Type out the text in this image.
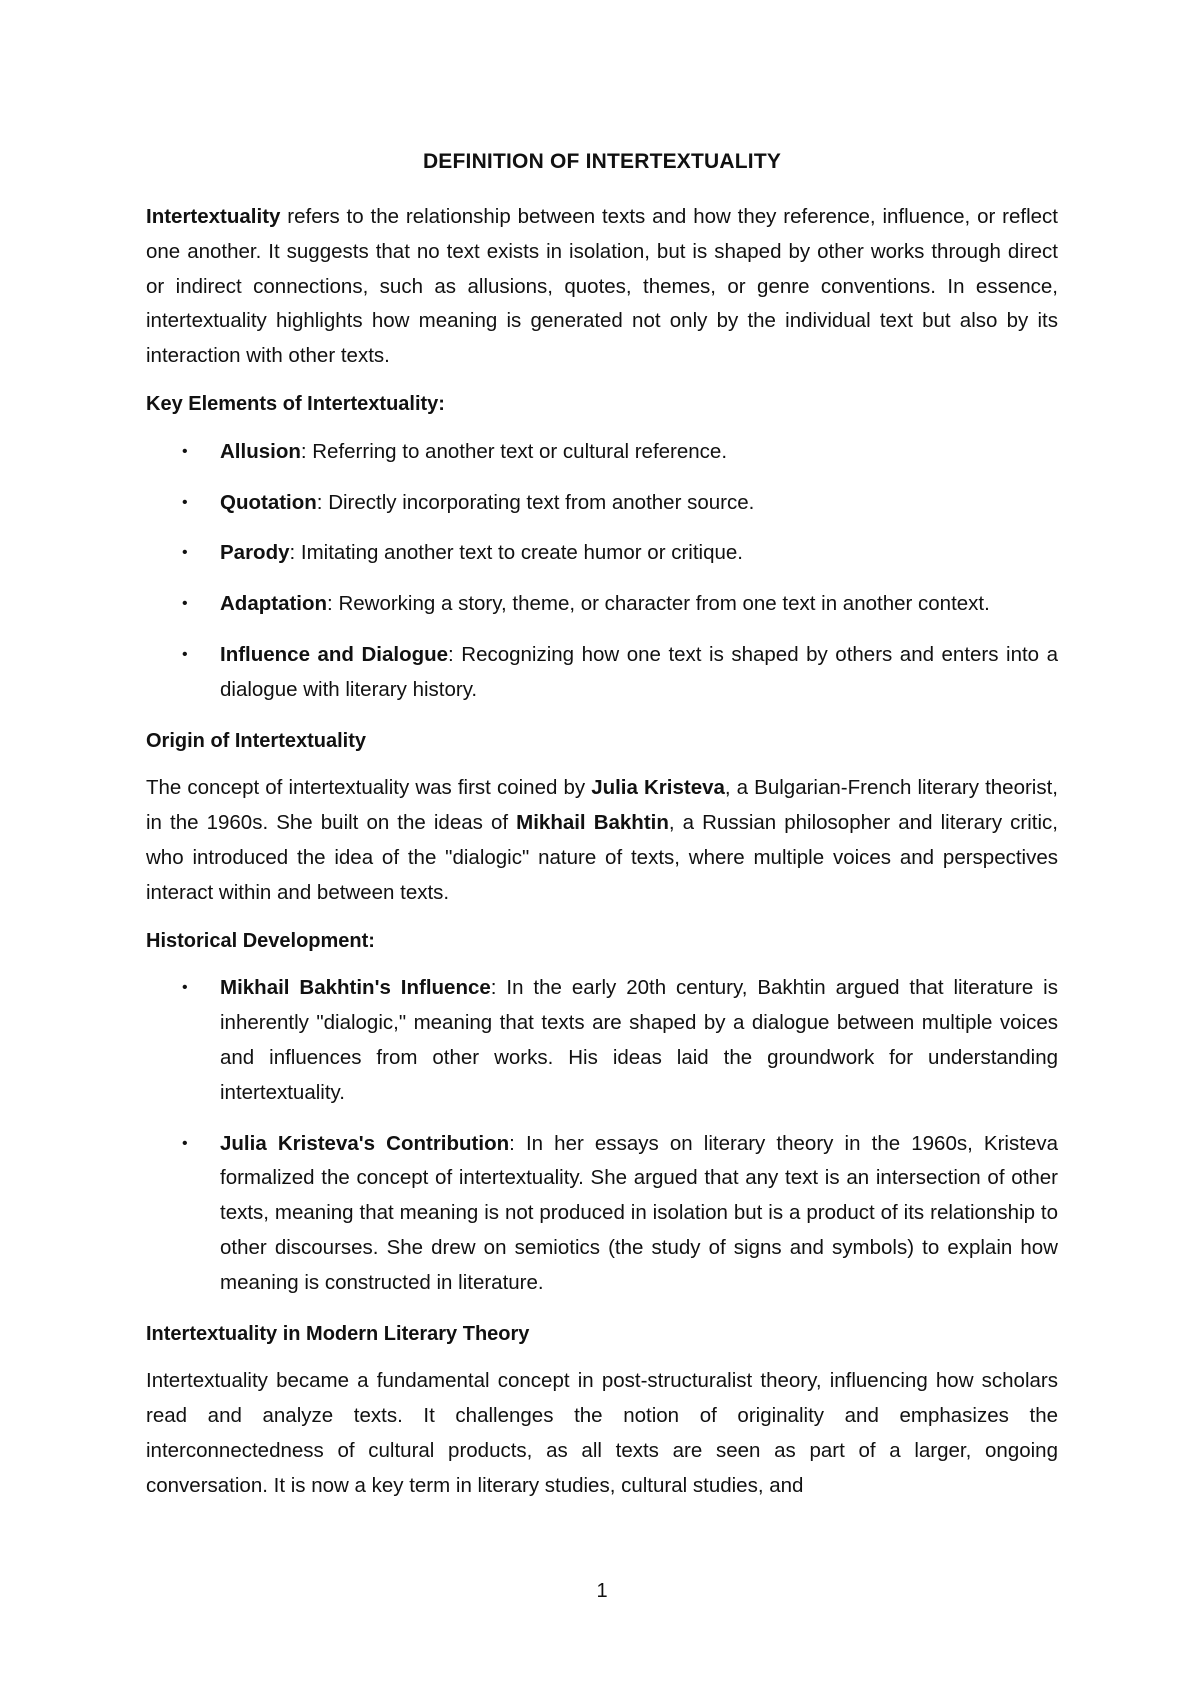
DEFINITION OF INTERTEXTUALITY

Intertextuality refers to the relationship between texts and how they reference, influence, or reflect one another. It suggests that no text exists in isolation, but is shaped by other works through direct or indirect connections, such as allusions, quotes, themes, or genre conventions. In essence, intertextuality highlights how meaning is generated not only by the individual text but also by its interaction with other texts.

Key Elements of Intertextuality:

• Allusion: Referring to another text or cultural reference.
• Quotation: Directly incorporating text from another source.
• Parody: Imitating another text to create humor or critique.
• Adaptation: Reworking a story, theme, or character from one text in another context.
• Influence and Dialogue: Recognizing how one text is shaped by others and enters into a dialogue with literary history.

Origin of Intertextuality

The concept of intertextuality was first coined by Julia Kristeva, a Bulgarian-French literary theorist, in the 1960s. She built on the ideas of Mikhail Bakhtin, a Russian philosopher and literary critic, who introduced the idea of the "dialogic" nature of texts, where multiple voices and perspectives interact within and between texts.

Historical Development:

• Mikhail Bakhtin's Influence: In the early 20th century, Bakhtin argued that literature is inherently "dialogic," meaning that texts are shaped by a dialogue between multiple voices and influences from other works. His ideas laid the groundwork for understanding intertextuality.
• Julia Kristeva's Contribution: In her essays on literary theory in the 1960s, Kristeva formalized the concept of intertextuality. She argued that any text is an intersection of other texts, meaning that meaning is not produced in isolation but is a product of its relationship to other discourses. She drew on semiotics (the study of signs and symbols) to explain how meaning is constructed in literature.

Intertextuality in Modern Literary Theory

Intertextuality became a fundamental concept in post-structuralist theory, influencing how scholars read and analyze texts. It challenges the notion of originality and emphasizes the interconnectedness of cultural products, as all texts are seen as part of a larger, ongoing conversation. It is now a key term in literary studies, cultural studies, and

1
